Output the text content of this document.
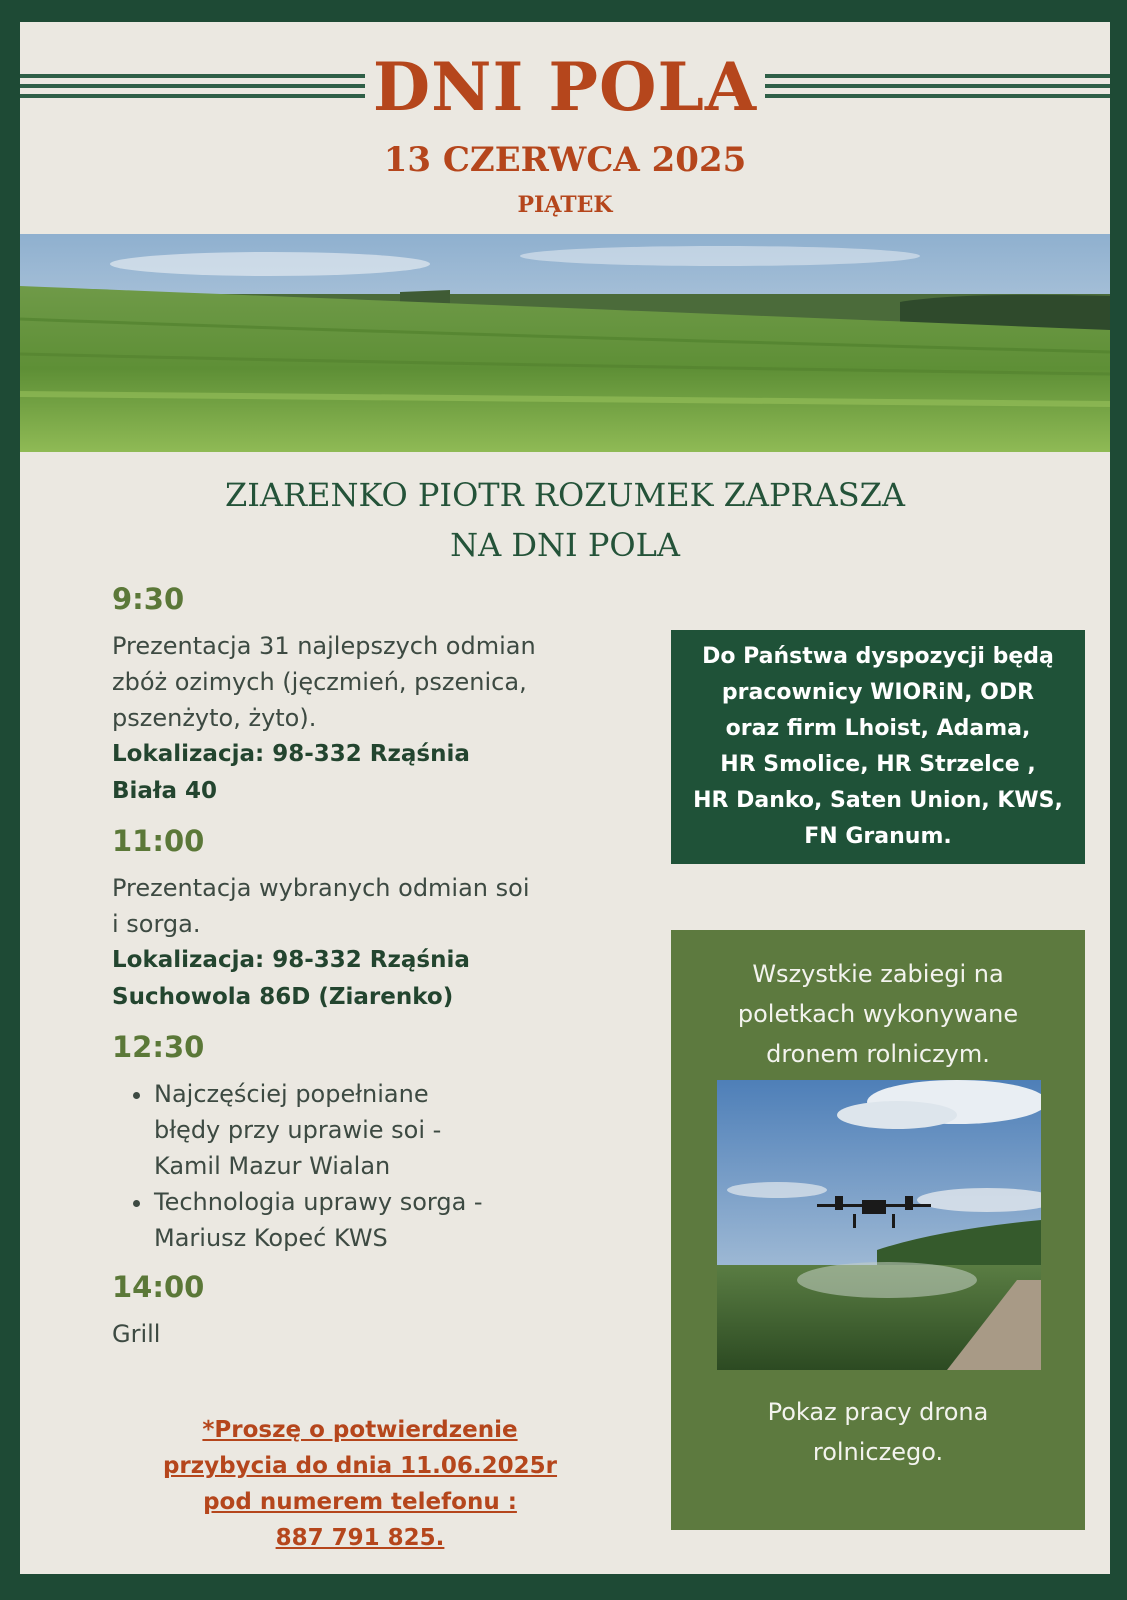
DNI POLA
13 CZERWCA 2025
PIĄTEK
ZIARENKO PIOTR ROZUMEK ZAPRASZA
NA DNI POLA
9:30
Prezentacja 31 najlepszych odmian
zbóż ozimych (jęczmień, pszenica,
pszenżyto, żyto).
Lokalizacja: 98-332 Rząśnia
Biała 40
11:00
Prezentacja wybranych odmian soi
i sorga.
Lokalizacja: 98-332 Rząśnia
Suchowola 86D (Ziarenko)
12:30
• Najczęściej popełniane
błędy przy uprawie soi -
Kamil Mazur Wialan
• Technologia uprawy sorga -
Mariusz Kopeć KWS
14:00
Grill
*Proszę o potwierdzenie
przybycia do dnia 11.06.2025r
pod numerem telefonu :
887 791 825.
Do Państwa dyspozycji będą
pracownicy WIORiN, ODR
oraz firm Lhoist, Adama,
HR Smolice, HR Strzelce ,
HR Danko, Saten Union, KWS,
FN Granum.
Wszystkie zabiegi na
poletkach wykonywane
dronem rolniczym.
Pokaz pracy drona
rolniczego.
